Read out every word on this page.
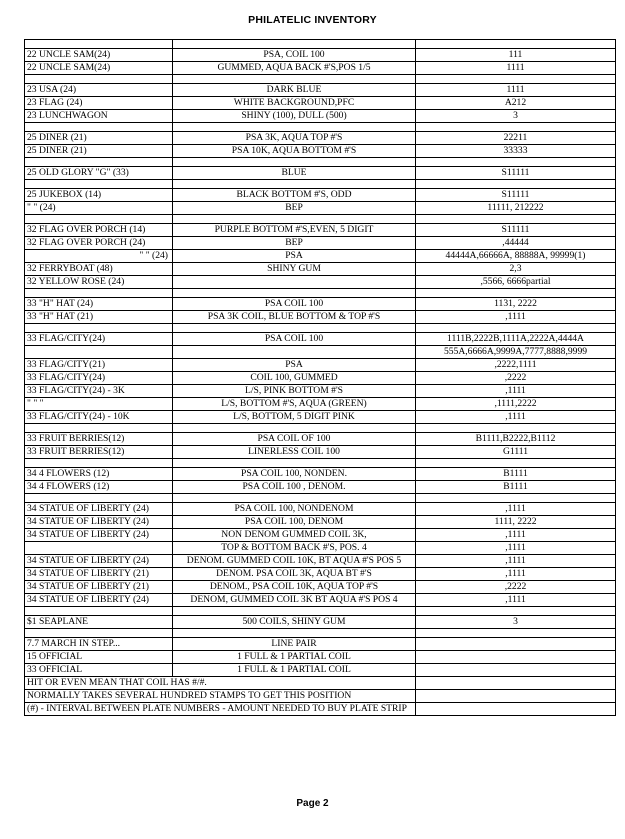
PHILATELIC INVENTORY

22 UNCLE SAM(24)	PSA, COIL 100	111
22 UNCLE SAM(24)	GUMMED, AQUA BACK #'S,POS 1/5	1111

23 USA (24)	DARK BLUE	1111
23 FLAG (24)	WHITE BACKGROUND,PFC	A212
23 LUNCHWAGON	SHINY (100), DULL (500)	3

25 DINER (21)	PSA 3K, AQUA TOP #'S	22211
25 DINER (21)	PSA 10K, AQUA BOTTOM #'S	33333

25 OLD GLORY "G" (33)	BLUE	S11111

25 JUKEBOX (14)	BLACK BOTTOM #'S, ODD	S11111
" " (24)	BEP	11111, 212222

32 FLAG OVER PORCH (14)	PURPLE BOTTOM #'S,EVEN, 5 DIGIT	S11111
32 FLAG OVER PORCH (24)	BEP	,44444
" " (24)	PSA	44444A,66666A, 88888A, 99999(1)
32 FERRYBOAT (48)	SHINY GUM	2,3
32 YELLOW ROSE (24)		,5566, 6666partial

33 "H" HAT (24)	PSA COIL 100	1131, 2222
33 "H" HAT (21)	PSA 3K COIL, BLUE BOTTOM & TOP #'S	,1111

33 FLAG/CITY(24)	PSA COIL 100	1111B,2222B,1111A,2222A,4444A
		555A,6666A,9999A,7777,8888,9999
33 FLAG/CITY(21)	PSA	,2222,1111
33 FLAG/CITY(24)	COIL 100, GUMMED	,2222
33 FLAG/CITY(24) - 3K	L/S, PINK BOTTOM #'S	,1111
" " "	L/S, BOTTOM #'S, AQUA (GREEN)	,1111,2222
33 FLAG/CITY(24) - 10K	L/S, BOTTOM, 5 DIGIT PINK	,1111

33 FRUIT BERRIES(12)	PSA COIL OF 100	B1111,B2222,B1112
33 FRUIT BERRIES(12)	LINERLESS COIL 100	G1111

34 4 FLOWERS (12)	PSA COIL 100, NONDEN.	B1111
34 4 FLOWERS (12)	PSA COIL 100 , DENOM.	B1111

34 STATUE OF LIBERTY (24)	PSA COIL 100, NONDENOM	,1111
34 STATUE OF LIBERTY (24)	PSA COIL 100, DENOM	1111, 2222
34 STATUE OF LIBERTY (24)	NON DENOM GUMMED COIL 3K,	,1111
	TOP & BOTTOM BACK #'S, POS. 4	,1111
34 STATUE OF LIBERTY (24)	DENOM. GUMMED COIL 10K, BT AQUA #'S POS 5	,1111
34 STATUE OF LIBERTY (21)	DENOM. PSA COIL 3K, AQUA BT #'S	,1111
34 STATUE OF LIBERTY (21)	DENOM., PSA COIL 10K, AQUA TOP #'S	,2222
34 STATUE OF LIBERTY (24)	DENOM, GUMMED COIL 3K BT AQUA #'S POS 4	,1111

$1 SEAPLANE	500 COILS, SHINY GUM	3

7.7 MARCH IN STEP...	LINE PAIR	
15 OFFICIAL	1 FULL & 1 PARTIAL COIL	
33 OFFICIAL	1 FULL & 1 PARTIAL COIL	
HIT OR EVEN MEAN THAT COIL HAS #/#.		
NORMALLY TAKES SEVERAL HUNDRED STAMPS TO GET THIS POSITION		
(#) - INTERVAL BETWEEN PLATE NUMBERS - AMOUNT NEEDED TO BUY PLATE STRIP		
Page 2
